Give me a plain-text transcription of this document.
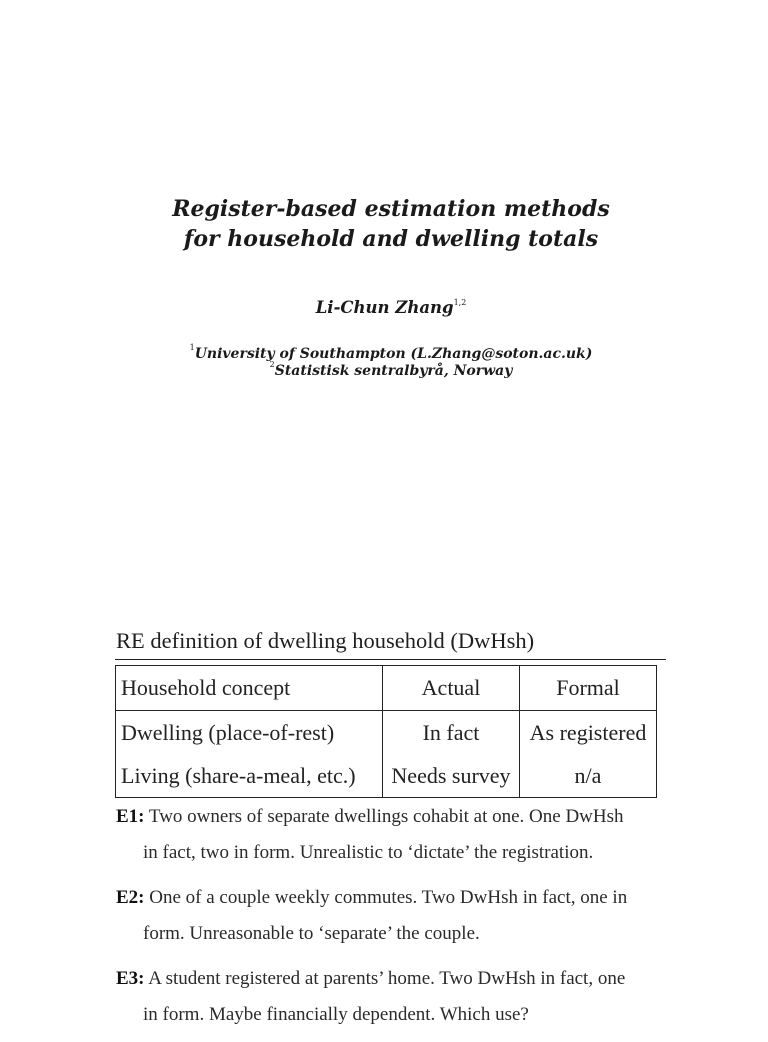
Register-based estimation methods
for household and dwelling totals
Li-Chun Zhang$^{1,2}$
$^1$University of Southampton (L.Zhang@soton.ac.uk)
$^2$Statistisk sentralbyrå, Norway
RE definition of dwelling household (DwHsh)
Household concept	Actual	Formal
Dwelling (place-of-rest)	In fact	As registered
Living (share-a-meal, etc.)	Needs survey	n/a
E1: Two owners of separate dwellings cohabit at one. One DwHsh
in fact, two in form. Unrealistic to ‘dictate’ the registration.
E2: One of a couple weekly commutes. Two DwHsh in fact, one in
form. Unreasonable to ‘separate’ the couple.
E3: A student registered at parents’ home. Two DwHsh in fact, one
in form. Maybe financially dependent. Which use?
